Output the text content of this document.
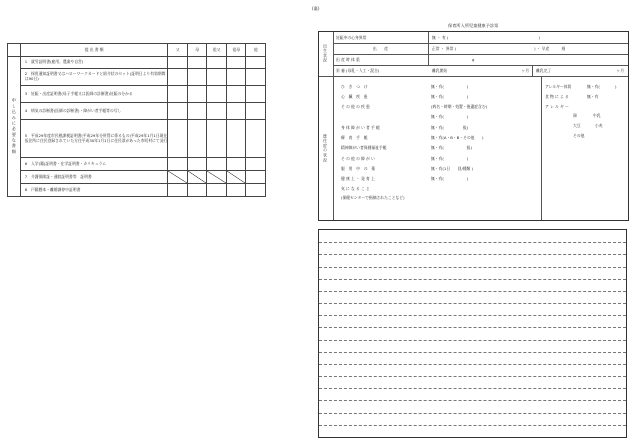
(裏)
	提 出 書 類	父	母	祖父	祖母	他
申し込みに必要な書類	1　 就労証明書(雇用、農業や自営)					
	2　 採用通知証明書又はハローワークカードと紹介状のセット(証明日より有効期間は90日)					
	3　 妊娠・出産証明書(母子手帳又は医師の診断書)妊娠の分かる					
	4　 病気の診断書(医師の診断書)・障がい者手帳等の写し					
	5　 平成29年度市民税課税証明書(平成29年分所得に係るもの)平成29年1月1日現在仮住所に住民登録されていた方住平成30年1月1日に住民票があった市町村にて発行					
	6　 入学(籍)証明書・在学証明書・カリキュラム					
	7　 介護保険証・通院証明書等　証明書					
	8　 戸籍謄本・離婚調停中証明書					
保育所入所児童健康予診票
出生状況
既往症の状況
妊娠中の心身異常	無 ・ 有 (	)
出　　産	正常 ・ 異常 (	) ・ 早産	週
出 産 時 体 重	g
栄 養 (母乳・人工・混合)	離乳開始	ヶ月 離乳完了	ヶ月
ひ　き　つ　け	無・有(　　　　　　)
心　臓　疾　患	無・有(　　　　　　)
そ の 他 の 疾 患	(病名・時期・処置・後遺症含む)
無・有(　　　　　　)
身 体 障 が い 者 手 帳	無・有(　　　　　級)
療　育　手　帳	無・有(A・B・B・その他　　)
精神障がい者保健福祉手帳	無・有(　　　　　　級)
そ の 他 の 障 が い	無・有(　　　　　　)
服　用　中　の　薬	無・有(1日　　回/種類 )
健 康 上 ・ 発 育 上	無・有(　　　　　　)
気 に な る こ と
(保健センターで指摘されたことなど)
アレルギー体質	無・有(　　　　)
食 物 に よ る	無・有
ア レ ル ギ ー
卵	牛乳
大豆	小麦
その他
